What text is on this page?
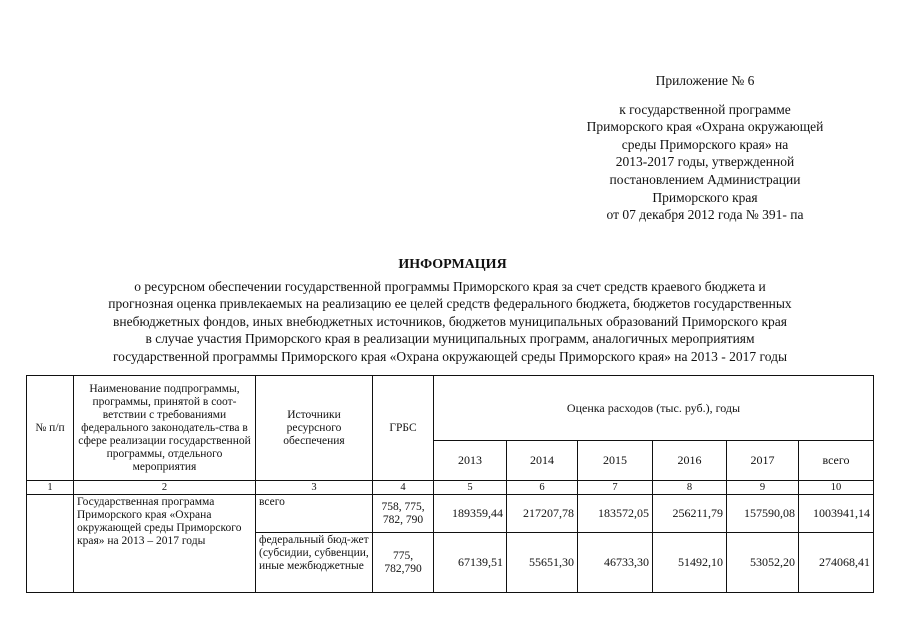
Приложение № 6
к государственной программе
Приморского края «Охрана окружающей
среды Приморского края» на
2013-2017 годы, утвержденной
постановлением Администрации
Приморского края
от 07 декабря 2012 года № 391- па
ИНФОРМАЦИЯ
о ресурсном обеспечении государственной программы Приморского края за счет средств краевого бюджета и
прогнозная оценка привлекаемых на реализацию ее целей средств федерального бюджета, бюджетов государственных
внебюджетных фондов, иных внебюджетных источников, бюджетов муниципальных образований Приморского края
в случае участия Приморского края в реализации муниципальных программ, аналогичных мероприятиям
государственной программы Приморского края «Охрана окружающей среды Приморского края» на 2013 - 2017 годы
№ п/п	Наименование подпрограммы, программы, принятой в соот-ветствии с требованиями федерального законодатель-ства в сфере реализации государственной программы, отдельного мероприятия	Источники ресурсного обеспечения	ГРБС	Оценка расходов (тыс. руб.), годы					
				2013	2014	2015	2016	2017	всего
1	2	3	4	5	6	7	8	9	10
	Государственная программа Приморского края «Охрана окружающей среды Приморского края» на 2013 – 2017 годы	всего	758, 775, 782, 790	189359,44	217207,78	183572,05	256211,79	157590,08	1003941,14
		федеральный бюд-жет (субсидии, субвенции, иные межбюджетные	775, 782,790	67139,51	55651,30	46733,30	51492,10	53052,20	274068,41
